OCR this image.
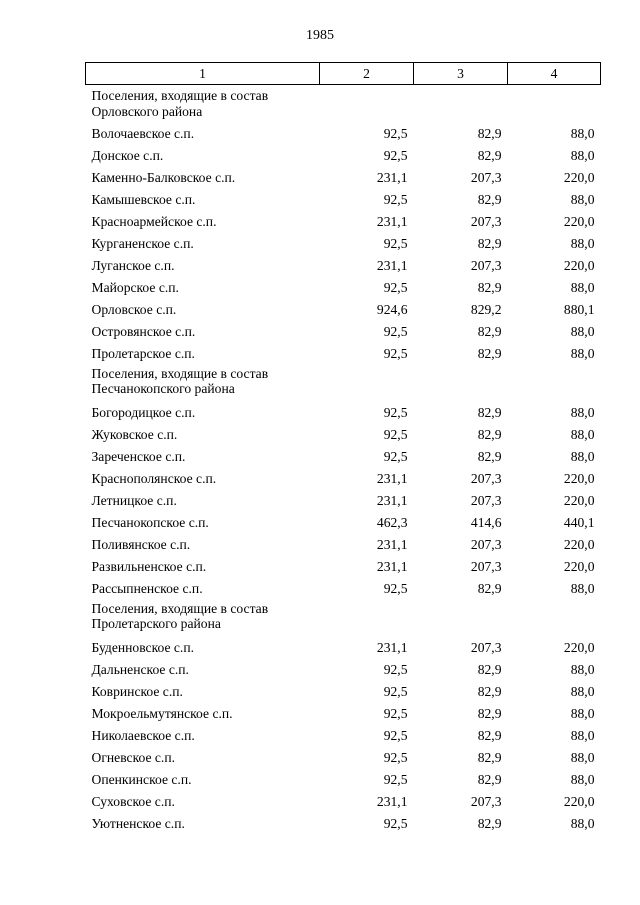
1985
1	2	3	4
Поселения, входящие в состав Орловского района			
Волочаевское с.п.	92,5	82,9	88,0
Донское с.п.	92,5	82,9	88,0
Каменно-Балковское с.п.	231,1	207,3	220,0
Камышевское с.п.	92,5	82,9	88,0
Красноармейское с.п.	231,1	207,3	220,0
Курганенское с.п.	92,5	82,9	88,0
Луганское с.п.	231,1	207,3	220,0
Майорское с.п.	92,5	82,9	88,0
Орловское с.п.	924,6	829,2	880,1
Островянское с.п.	92,5	82,9	88,0
Пролетарское с.п.	92,5	82,9	88,0
Поселения, входящие в состав Песчанокопского района			
Богородицкое с.п.	92,5	82,9	88,0
Жуковское с.п.	92,5	82,9	88,0
Зареченское с.п.	92,5	82,9	88,0
Краснополянское с.п.	231,1	207,3	220,0
Летницкое с.п.	231,1	207,3	220,0
Песчанокопское с.п.	462,3	414,6	440,1
Поливянское с.п.	231,1	207,3	220,0
Развильненское с.п.	231,1	207,3	220,0
Рассыпненское с.п.	92,5	82,9	88,0
Поселения, входящие в состав Пролетарского района			
Буденновское с.п.	231,1	207,3	220,0
Дальненское с.п.	92,5	82,9	88,0
Ковринское с.п.	92,5	82,9	88,0
Мокроельмутянское с.п.	92,5	82,9	88,0
Николаевское с.п.	92,5	82,9	88,0
Огневское с.п.	92,5	82,9	88,0
Опенкинское с.п.	92,5	82,9	88,0
Суховское с.п.	231,1	207,3	220,0
Уютненское с.п.	92,5	82,9	88,0
